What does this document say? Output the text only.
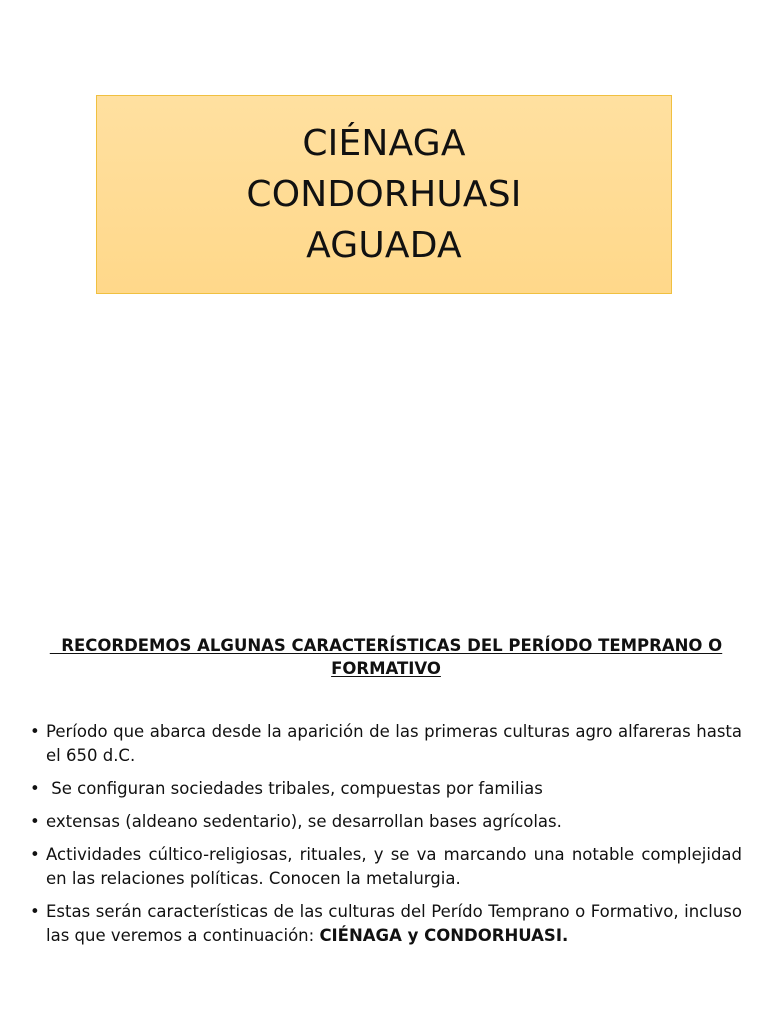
CIÉNAGA
CONDORHUASI
AGUADA
RECORDEMOS ALGUNAS CARACTERÍSTICAS DEL PERÍODO TEMPRANO O
FORMATIVO
• Período que abarca desde la aparición de las primeras culturas agro alfareras hasta el 650 d.C.
• Se configuran sociedades tribales, compuestas por familias
• extensas (aldeano sedentario), se desarrollan bases agrícolas.
• Actividades cúltico-religiosas, rituales, y se va marcando una notable complejidad en las relaciones políticas. Conocen la metalurgia.
• Estas serán características de las culturas del Perído Temprano o Formativo, incluso las que veremos a continuación: CIÉNAGA y CONDORHUASI.
